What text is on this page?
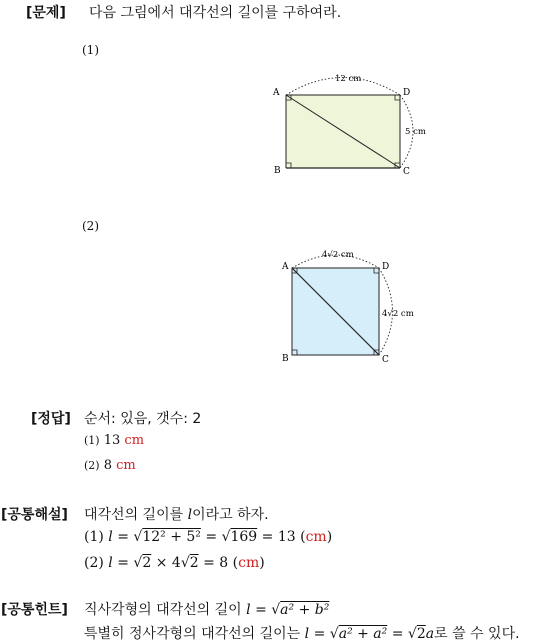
[문제] 다음 그림에서 대각선의 길이를 구하여라.
(1)
A	D
B	C
12 cm
5 cm
(2)
A	D
B	C
4√2 cm
4√2 cm
[정답] 순서: 있음, 갯수: 2
(1) 13 cm
(2) 8 cm
[공통해설] 대각선의 길이를 l이라고 하자.
(1) l = √12² + 5² = √169 = 13 (cm)
(2) l = √2 × 4√2 = 8 (cm)
[공통힌트] 직사각형의 대각선의 길이 l = √a² + b²
특별히 정사각형의 대각선의 길이는 l = √a² + a² = √2a로 쓸 수 있다.
